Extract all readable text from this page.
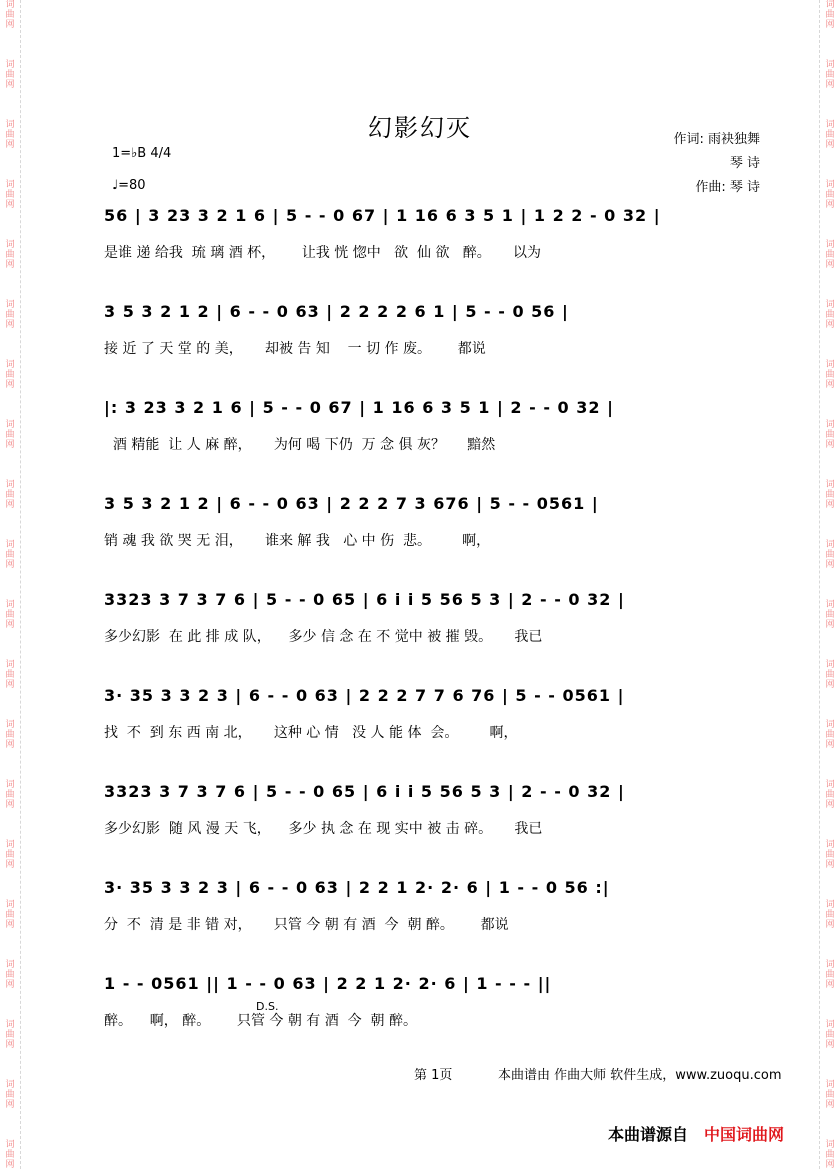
词曲网
词曲网
词曲网
词曲网
词曲网
词曲网
词曲网
词曲网
词曲网
词曲网
词曲网
词曲网
词曲网
词曲网
词曲网
词曲网
词曲网
词曲网
词曲网
词曲网
词曲网
词曲网
词曲网
词曲网
词曲网
词曲网
词曲网
词曲网
词曲网
词曲网
词曲网
词曲网
词曲网
词曲网
词曲网
词曲网
词曲网
词曲网
词曲网
词曲网
幻影幻灭	作词: 雨袂独舞
琴 诗
作曲: 琴 诗
1=♭B 4/4
♩=80
56 | 3 23 3 2 1 6 | 5 - - 0 67 | 1 16 6 3 5 1 | 1 2 2 - 0 32 |
是谁 递 给我  琉 璃 酒 杯，      让我 恍 惚中   欲  仙 欲   醉。     以为
3 5 3 2 1 2 | 6 - - 0 63 | 2 2 2 2 6 1 | 5 - - 0 56 |
接 近 了 天 堂 的 美，     却被 告 知    一 切 作 废。      都说
|: 3 23 3 2 1 6 | 5 - - 0 67 | 1 16 6 3 5 1 | 2 - - 0 32 |
酒 精能  让 人 麻 醉，     为何 喝 下仍  万 念 俱 灰？     黯然
3 5 3 2 1 2 | 6 - - 0 63 | 2 2 2 7 3 676 | 5 - - 0561 |
销 魂 我 欲 哭 无 泪，     谁来 解 我   心 中 伤  悲。       啊，
3323 3 7 3 7 6 | 5 - - 0 65 | 6 i i 5 56 5 3 | 2 - - 0 32 |
多少幻影  在 此 排 成 队，    多少 信 念 在 不 觉中 被 摧 毁。     我已
3· 35 3 3 2 3 | 6 - - 0 63 | 2 2 2 7 7 6 76 | 5 - - 0561 |
找  不  到 东 西 南 北，     这种 心 情   没 人 能 体  会。       啊，
3323 3 7 3 7 6 | 5 - - 0 65 | 6 i i 5 56 5 3 | 2 - - 0 32 |
多少幻影  随 风 漫 天 飞，    多少 执 念 在 现 实中 被 击 碎。     我已
3· 35 3 3 2 3 | 6 - - 0 63 | 2 2 1 2· 2· 6 | 1 - - 0 56 :|
分  不  清 是 非 错 对，     只管 今 朝 有 酒  今  朝 醉。      都说
1 - - 0561 || 1 - - 0 63 | 2 2 1 2· 2· 6 | 1 - - - ||
醉。    啊， 醉。      只管 今 朝 有 酒  今  朝 醉。
第 1页	本曲谱由 作曲大师 软件生成，www.zuoqu.com
本曲谱源自 中国词曲网
D.S.
